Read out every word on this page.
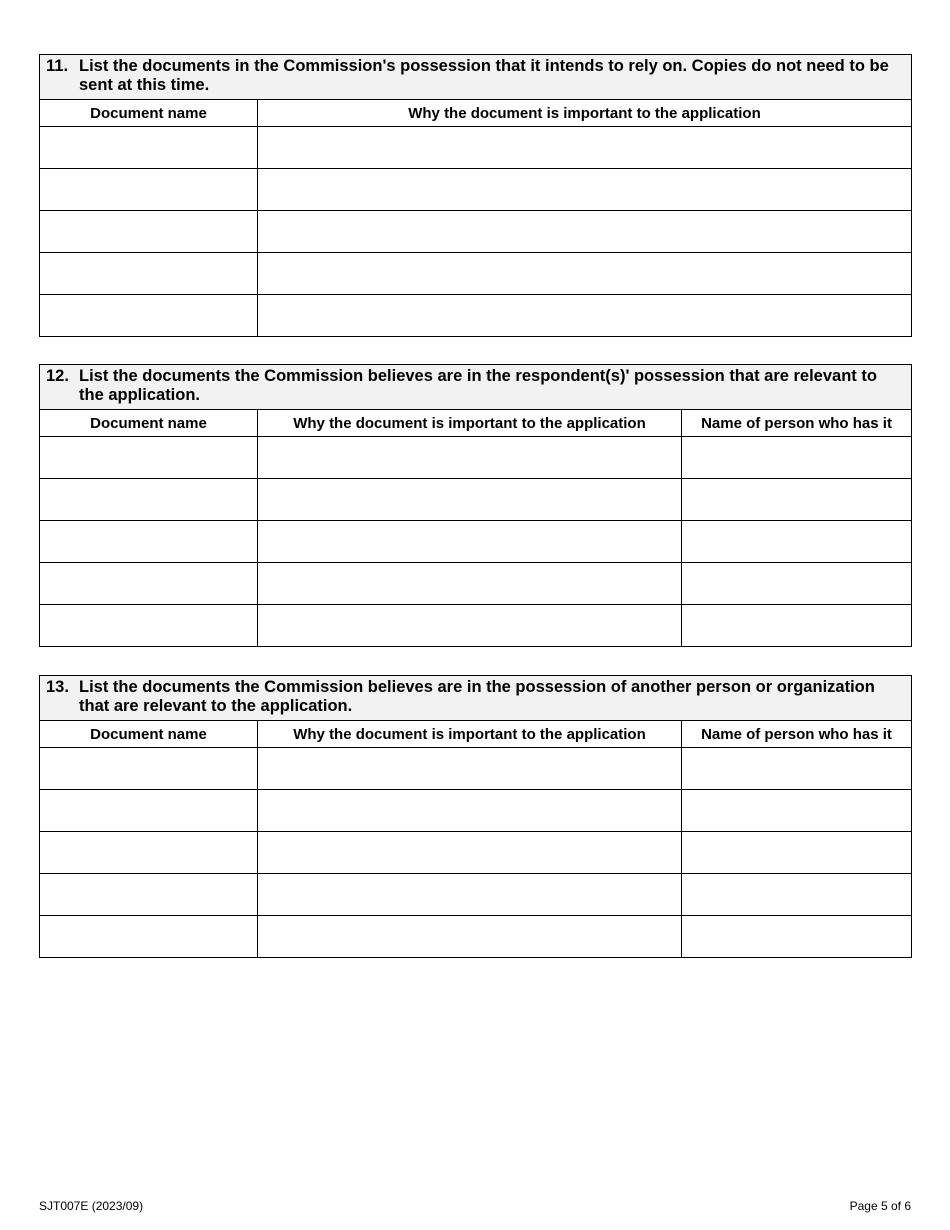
11. List the documents in the Commission's possession that it intends to rely on. Copies do not need to be sent at this time.	

Document name	Why the document is important to the application

12. List the documents the Commission believes are in the respondent(s)' possession that are relevant to the application.		

Document name	Why the document is important to the application	Name of person who has it

13. List the documents the Commission believes are in the possession of another person or organization that are relevant to the application.		

Document name	Why the document is important to the application	Name of person who has it

SJT007E (2023/09)	Page 5 of 6
